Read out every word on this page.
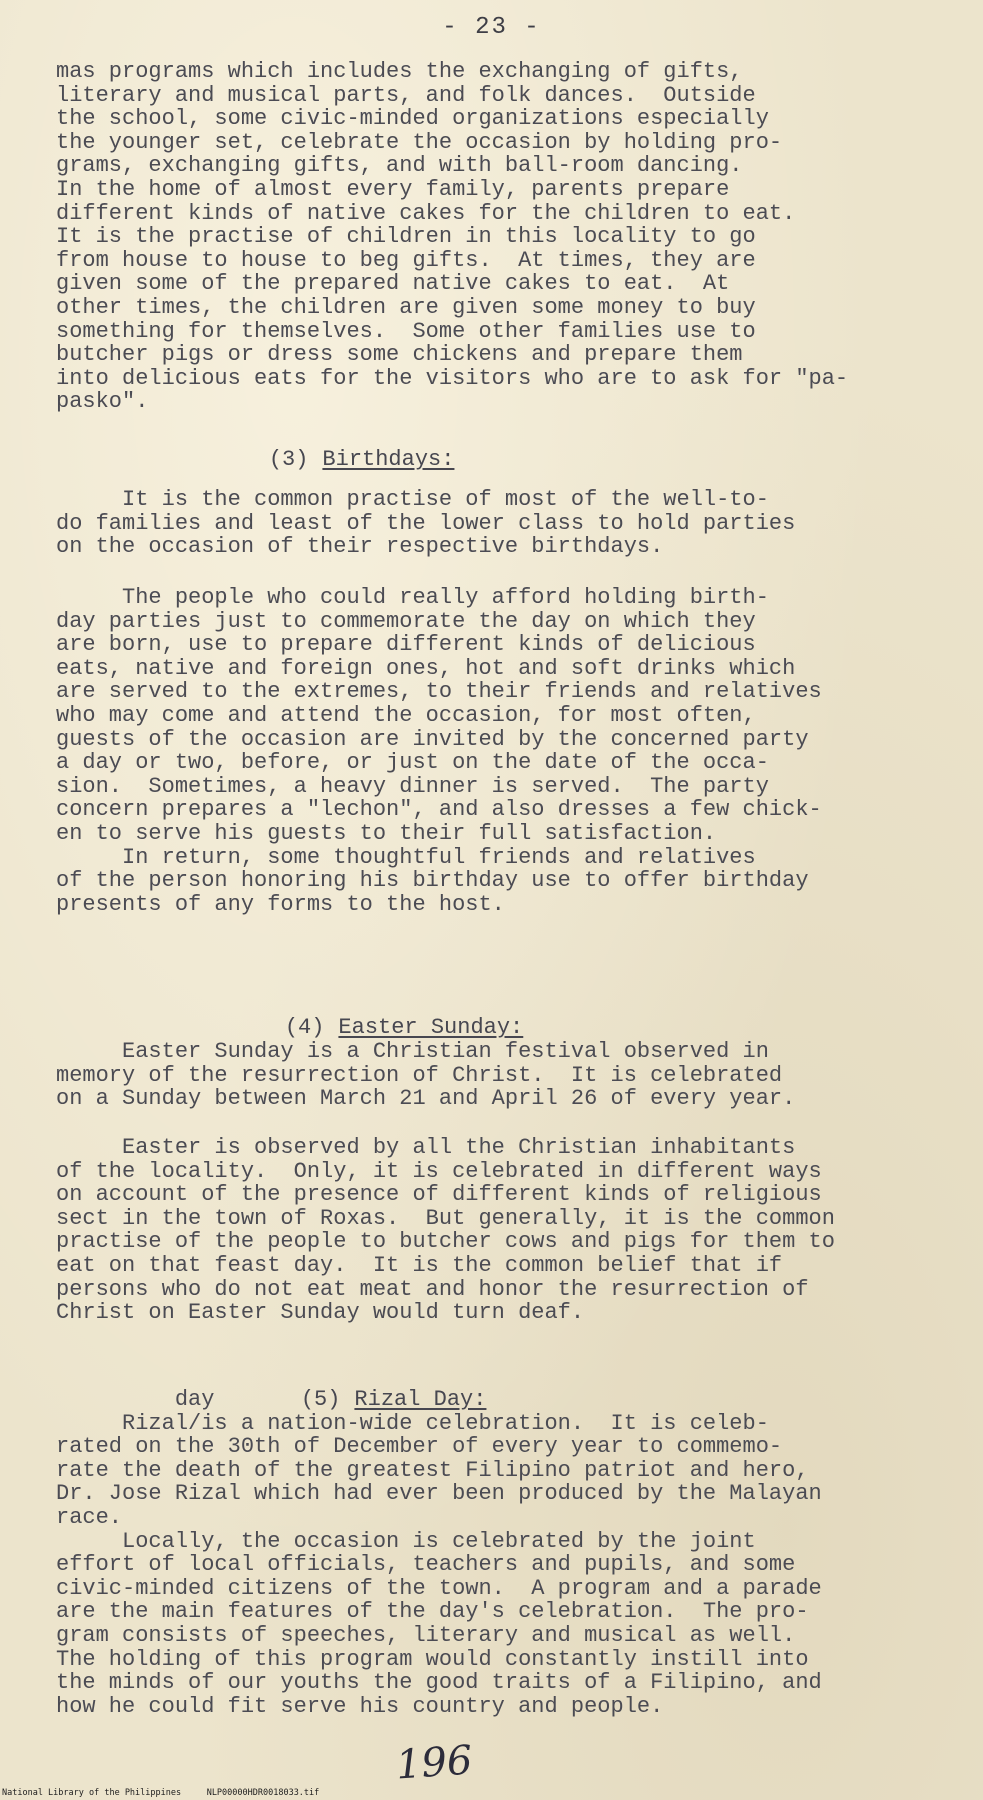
- 23 -
mas programs which includes the exchanging of gifts,
literary and musical parts, and folk dances.  Outside
the school, some civic-minded organizations especially
the younger set, celebrate the occasion by holding pro-
grams, exchanging gifts, and with ball-room dancing.
In the home of almost every family, parents prepare
different kinds of native cakes for the children to eat.
It is the practise of children in this locality to go
from house to house to beg gifts.  At times, they are
given some of the prepared native cakes to eat.  At
other times, the children are given some money to buy
something for themselves.  Some other families use to
butcher pigs or dress some chickens and prepare them
into delicious eats for the visitors who are to ask for "pa-
pasko".

(3) Birthdays:

It is the common practise of most of the well-to-
do families and least of the lower class to hold parties
on the occasion of their respective birthdays.
The people who could really afford holding birth-
day parties just to commemorate the day on which they
are born, use to prepare different kinds of delicious
eats, native and foreign ones, hot and soft drinks which
are served to the extremes, to their friends and relatives
who may come and attend the occasion, for most often,
guests of the occasion are invited by the concerned party
a day or two, before, or just on the date of the occa-
sion.  Sometimes, a heavy dinner is served.  The party
concern prepares a "lechon", and also dresses a few chick-
en to serve his guests to their full satisfaction.
In return, some thoughtful friends and relatives
of the person honoring his birthday use to offer birthday
presents of any forms to the host.

(4) Easter Sunday:

Easter Sunday is a Christian festival observed in
memory of the resurrection of Christ.  It is celebrated
on a Sunday between March 21 and April 26 of every year.
Easter is observed by all the Christian inhabitants
of the locality.  Only, it is celebrated in different ways
on account of the presence of different kinds of religious
sect in the town of Roxas.  But generally, it is the common
practise of the people to butcher cows and pigs for them to
eat on that feast day.  It is the common belief that if
persons who do not eat meat and honor the resurrection of
Christ on Easter Sunday would turn deaf.

(5) Rizal Day:

day
Rizal/is a nation-wide celebration.  It is celeb-
rated on the 30th of December of every year to commemo-
rate the death of the greatest Filipino patriot and hero,
Dr. Jose Rizal which had ever been produced by the Malayan
race.
Locally, the occasion is celebrated by the joint
effort of local officials, teachers and pupils, and some
civic-minded citizens of the town.  A program and a parade
are the main features of the day's celebration.  The pro-
gram consists of speeches, literary and musical as well.
The holding of this program would constantly instill into
the minds of our youths the good traits of a Filipino, and
how he could fit serve his country and people.
196
National Library of the Philippines     NLP00000HDR0018033.tif
